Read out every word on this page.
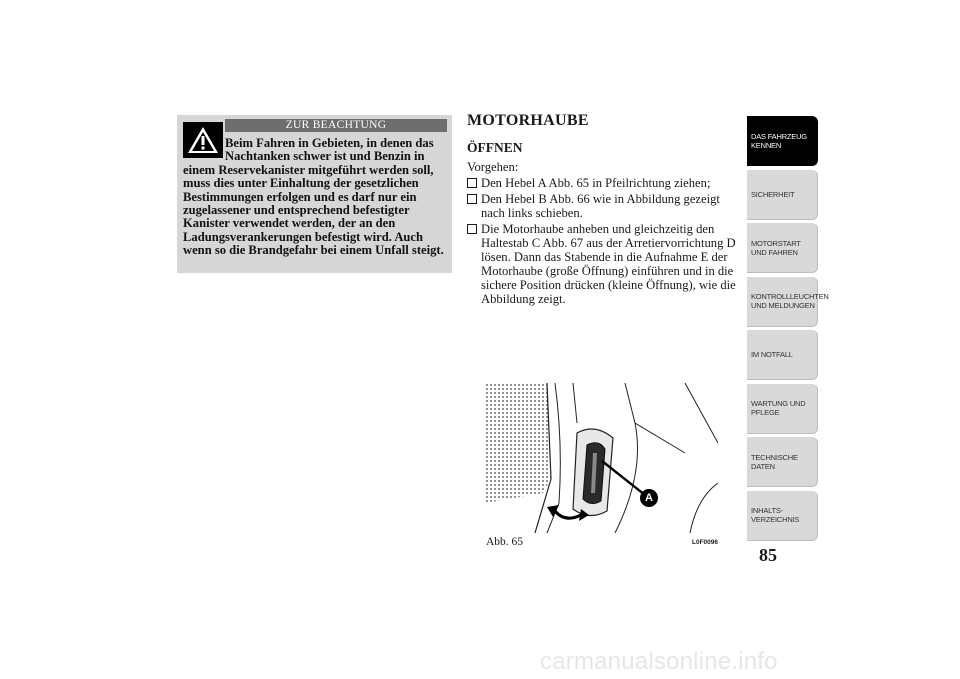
ZUR BEACHTUNG

Beim Fahren in Gebieten, in denen das Nachtanken schwer ist und Benzin in einem Reservekanister mitgeführt werden soll, muss dies unter Einhaltung der gesetzlichen Bestimmungen erfolgen und es darf nur ein zugelassener und entsprechend befestigter Kanister verwendet werden, der an den Ladungsverankerungen befestigt wird. Auch wenn so die Brandgefahr bei einem Unfall steigt.

MOTORHAUBE
ÖFFNEN

Vorgehen:

Den Hebel A Abb. 65 in Pfeilrichtung ziehen;
Den Hebel B Abb. 66 wie in Abbildung gezeigt nach links schieben.
Die Motorhaube anheben und gleichzeitig den Haltestab C Abb. 67 aus der Arretiervorrichtung D lösen. Dann das Stabende in die Aufnahme E der Motorhaube (große Öffnung) einführen und in die sichere Position drücken (kleine Öffnung), wie die Abbildung zeigt.
A

Abb. 65	L0F0096

DAS FAHRZEUG KENNEN
SICHERHEIT
MOTORSTART UND FAHREN
KONTROLLLEUCHTEN UND MELDUNGEN
IM NOTFALL
WARTUNG UND PFLEGE
TECHNISCHE DATEN
INHALTS-VERZEICHNIS

85

carmanualsonline.info
